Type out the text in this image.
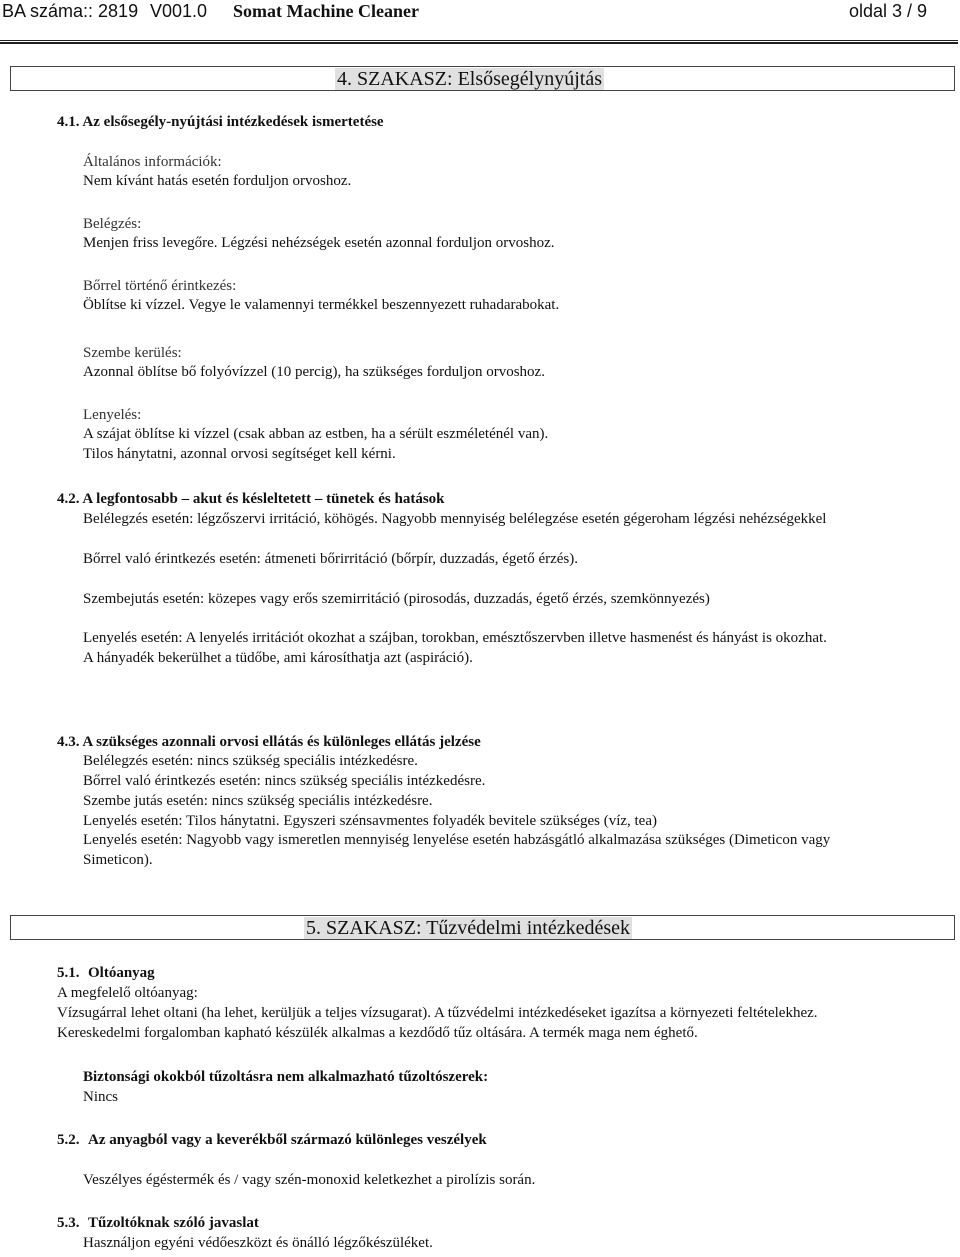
BA száma:: 2819 V001.0 Somat Machine Cleaner	oldal 3 / 9
4. SZAKASZ: Elsősegélynyújtás
4.1. Az elsősegély-nyújtási intézkedések ismertetése
Általános információk:
Nem kívánt hatás esetén forduljon orvoshoz.
Belégzés:
Menjen friss levegőre. Légzési nehézségek esetén azonnal forduljon orvoshoz.
Bőrrel történő érintkezés:
Öblítse ki vízzel. Vegye le valamennyi termékkel beszennyezett ruhadarabokat.
Szembe kerülés:
Azonnal öblítse bő folyóvízzel (10 percig), ha szükséges forduljon orvoshoz.
Lenyelés:
A szájat öblítse ki vízzel (csak abban az estben, ha a sérült eszméleténél van).
Tilos hánytatni, azonnal orvosi segítséget kell kérni.
4.2. A legfontosabb – akut és késleltetett – tünetek és hatások
Belélegzés esetén: légzőszervi irritáció, köhögés. Nagyobb mennyiség belélegzése esetén gégeroham légzési nehézségekkel
Bőrrel való érintkezés esetén: átmeneti bőrirritáció (bőrpír, duzzadás, égető érzés).
Szembejutás esetén: közepes vagy erős szemirritáció (pirosodás, duzzadás, égető érzés, szemkönnyezés)
Lenyelés esetén: A lenyelés irritációt okozhat a szájban, torokban, emésztőszervben illetve hasmenést és hányást is okozhat.
A hányadék bekerülhet a tüdőbe, ami károsíthatja azt (aspiráció).
4.3. A szükséges azonnali orvosi ellátás és különleges ellátás jelzése
Belélegzés esetén: nincs szükség speciális intézkedésre.
Bőrrel való érintkezés esetén: nincs szükség speciális intézkedésre.
Szembe jutás esetén: nincs szükség speciális intézkedésre.
Lenyelés esetén: Tilos hánytatni. Egyszeri szénsavmentes folyadék bevitele szükséges (víz, tea)
Lenyelés esetén: Nagyobb vagy ismeretlen mennyiség lenyelése esetén habzásgátló alkalmazása szükséges (Dimeticon vagy
Simeticon).
5. SZAKASZ: Tűzvédelmi intézkedések
5.1. Oltóanyag
A megfelelő oltóanyag:
Vízsugárral lehet oltani (ha lehet, kerüljük a teljes vízsugarat). A tűzvédelmi intézkedéseket igazítsa a környezeti feltételekhez.
Kereskedelmi forgalomban kapható készülék alkalmas a kezdődő tűz oltására. A termék maga nem éghető.
Biztonsági okokból tűzoltásra nem alkalmazható tűzoltószerek:
Nincs
5.2. Az anyagból vagy a keverékből származó különleges veszélyek
Veszélyes égéstermék és / vagy szén-monoxid keletkezhet a pirolízis során.
5.3. Tűzoltóknak szóló javaslat
Használjon egyéni védőeszközt és önálló légzőkészüléket.
